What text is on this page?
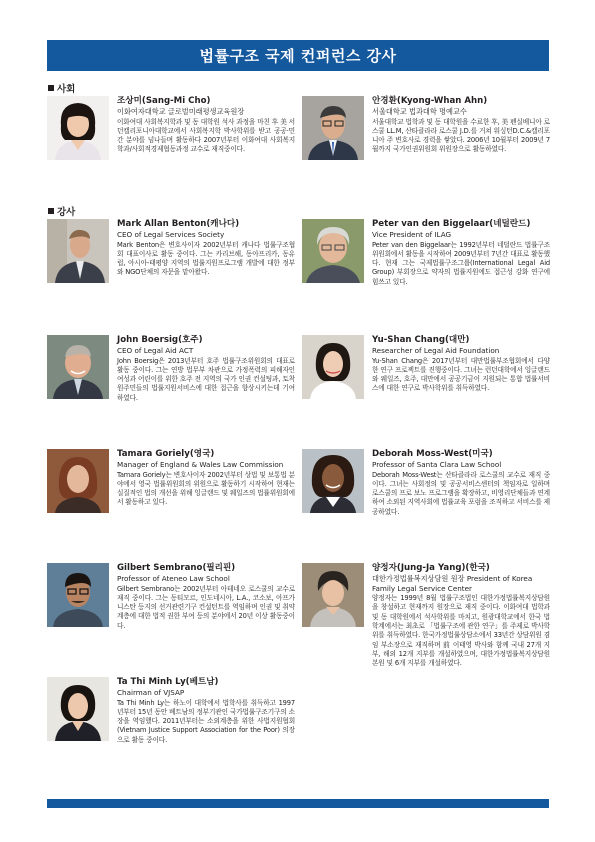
법률구조 국제 컨퍼런스 강사
사회
강사
조상미(Sang-Mi Cho)
이화여자대학교 글로벌미래평생교육원장
이화여대 사회복지학과 및 동 대학원 석사 과정을 마친 후 美 서던캘리포니아대학교에서 사회복지학 박사학위를 받고 공공·민간 분야를 넘나들며 활동하다 2007년부터 이화여대 사회복지학과/사회적경제협동과정 교수로 재직중이다.
안경환(Kyong-Whan Ahn)
서울대학교 법과대학 명예교수
서울대학교 법학과 및 동 대학원을 수료한 후, 美 펜실베니아 로스쿨 LL.M, 산타클라라 로스쿨 J.D.를 거쳐 워싱턴D.C.&캘리포니아 주 변호사로 경력을 쌓았다. 2006년 10월부터 2009년 7월까지 국가인권위원회 위원장으로 활동하였다.
Mark Allan Benton(캐나다)
CEO of Legal Services Society
Mark Benton은 변호사이자 2002년부터 캐나다 법률구조협회 대표이사로 활동 중이다. 그는 카리브해, 동아프리카, 동유럽, 아시아-태평양 지역의 법률지원프로그램 개발에 대한 정부와 NGO단체의 자문을 맡아왔다.
Peter van den Biggelaar(네덜란드)
Vice President of ILAG
Peter van den Biggelaar는 1992년부터 네덜란드 법률구조위원회에서 활동을 시작하여 2009년부터 7년간 대표로 활동했다. 현재 그는 국제법률구조그룹(International Legal Aid Group) 부회장으로 약자의 법률지원에도 접근성 강화 연구에 힘쓰고 있다.
John Boersig(호주)
CEO of Legal Aid ACT
John Boersig은 2013년부터 호주 법률구조위원회의 대표로 활동 중이다. 그는 연방 법무부 차관으로 가정폭력의 피해자인 여성과 어린이를 위한 호주 전 지역의 국가 인권 컨설팅과, 토착 원주민들의 법률지원서비스에 대한 접근을 향상시키는데 기여하였다.
Yu-Shan Chang(대만)
Researcher of Legal Aid Foundation
Yu-Shan Chang은 2017년부터 대만법률부조협회에서 다양한 연구 프로젝트를 진행중이다. 그녀는 런던대학에서 잉글랜드와 웨일즈, 호주, 대만에서 공공기금이 지원되는 통합 법률서비스에 대한 연구로 박사학위를 취득하였다.
Tamara Goriely(영국)
Manager of England & Wales Law Commission
Tamara Goriely는 변호사이자 2002년부터 상법 및 보통법 분야에서 영국 법률위원회의 위원으로 활동하기 시작하여 현재는 실질적인 법의 개선을 위해 잉글랜드 및 웨일즈의 법률위원회에서 활동하고 있다.
Deborah Moss-West(미국)
Professor of Santa Clara Law School
Deborah Moss-West는 산타클라라 로스쿨의 교수로 재직 중이다. 그녀는 사회정의 및 공공서비스센터의 책임자로 일하며 로스쿨의 프로 보노 프로그램을 확장하고, 비영리단체들과 연계하여 소외된 지역사회에 법률교육 포럼을 조직하고 서비스를 제공하였다.
Gilbert Sembrano(필리핀)
Professor of Ateneo Law School
Gilbert Sembrano는 2002년부터 아테네오 로스쿨의 교수로 재직 중이다. 그는 동티모르, 인도네시아, L.A., 코소보, 아프가니스탄 등지의 선거관련기구 컨설턴트를 역임하며 인권 및 취약계층에 대한 법적 권한 부여 등의 분야에서 20년 이상 활동중이다.
양정자(Jung-Ja Yang)(한국)
대한가정법률복지상담원 원장 President of Korea Family Legal Service Center
양정자는 1999년 8월 법률구조법인 대한가정법률복지상담원을 창설하고 현재까지 원장으로 재직 중이다. 이화여대 법학과 및 동 대학원에서 석사학위를 마치고, 원광대학교에서 한국 법학계에서는 최초로 「법률구조에 관한 연구」를 주제로 박사학위를 취득하였다. 한국가정법률상담소에서 33년간 상담위원 겸임 부소장으로 재직하며 前 이태영 박사와 함께 국내 27개 지부, 해외 12개 지부를 개설하였으며, 대한가정법률복지상담원 본원 및 6개 지부를 개설하였다.
Ta Thi Minh Ly(베트남)
Chairman of VJSAP
Ta Thi Minh Ly는 하노이 대학에서 법학사를 취득하고 1997년부터 15년 동안 베트남의 정부기관인 국가법률구조기구의 소장을 역임했다. 2011년부터는 소외계층을 위한 사법지원협회(Vietnam Justice Support Association for the Poor) 의장으로 활동 중이다.
